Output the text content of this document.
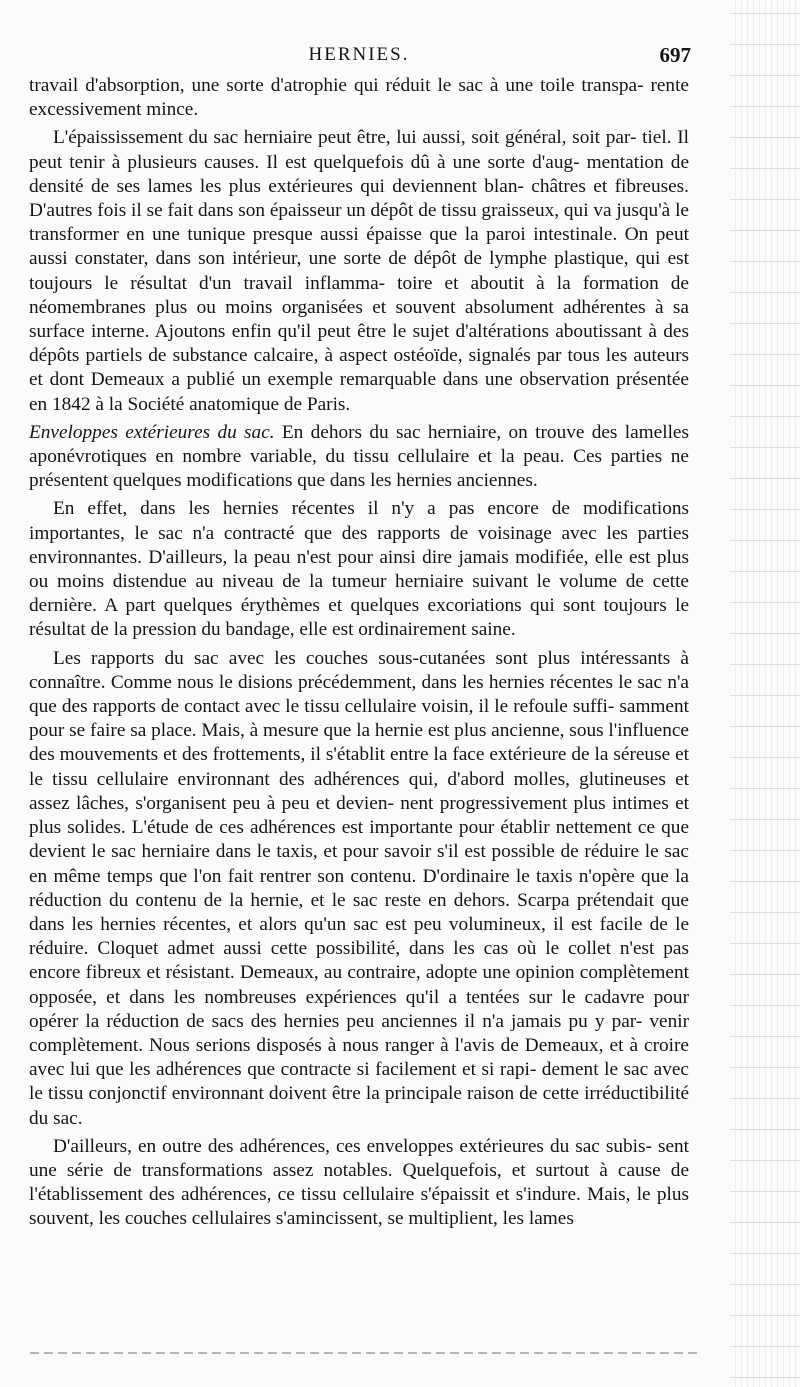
HERNIES.	697

travail d'absorption, une sorte d'atrophie qui réduit le sac à une toile transpa- rente excessivement mince.

L'épaississement du sac herniaire peut être, lui aussi, soit général, soit par- tiel. Il peut tenir à plusieurs causes. Il est quelquefois dû à une sorte d'aug- mentation de densité de ses lames les plus extérieures qui deviennent blan- châtres et fibreuses. D'autres fois il se fait dans son épaisseur un dépôt de tissu graisseux, qui va jusqu'à le transformer en une tunique presque aussi épaisse que la paroi intestinale. On peut aussi constater, dans son intérieur, une sorte de dépôt de lymphe plastique, qui est toujours le résultat d'un travail inflamma- toire et aboutit à la formation de néomembranes plus ou moins organisées et souvent absolument adhérentes à sa surface interne. Ajoutons enfin qu'il peut être le sujet d'altérations aboutissant à des dépôts partiels de substance calcaire, à aspect ostéoïde, signalés par tous les auteurs et dont Demeaux a publié un exemple remarquable dans une observation présentée en 1842 à la Société anatomique de Paris.

Enveloppes extérieures du sac. En dehors du sac herniaire, on trouve des lamelles aponévrotiques en nombre variable, du tissu cellulaire et la peau. Ces parties ne présentent quelques modifications que dans les hernies anciennes.

En effet, dans les hernies récentes il n'y a pas encore de modifications importantes, le sac n'a contracté que des rapports de voisinage avec les parties environnantes. D'ailleurs, la peau n'est pour ainsi dire jamais modifiée, elle est plus ou moins distendue au niveau de la tumeur herniaire suivant le volume de cette dernière. A part quelques érythèmes et quelques excoriations qui sont toujours le résultat de la pression du bandage, elle est ordinairement saine.

Les rapports du sac avec les couches sous-cutanées sont plus intéressants à connaître. Comme nous le disions précédemment, dans les hernies récentes le sac n'a que des rapports de contact avec le tissu cellulaire voisin, il le refoule suffi- samment pour se faire sa place. Mais, à mesure que la hernie est plus ancienne, sous l'influence des mouvements et des frottements, il s'établit entre la face extérieure de la séreuse et le tissu cellulaire environnant des adhérences qui, d'abord molles, glutineuses et assez lâches, s'organisent peu à peu et devien- nent progressivement plus intimes et plus solides. L'étude de ces adhérences est importante pour établir nettement ce que devient le sac herniaire dans le taxis, et pour savoir s'il est possible de réduire le sac en même temps que l'on fait rentrer son contenu. D'ordinaire le taxis n'opère que la réduction du contenu de la hernie, et le sac reste en dehors. Scarpa prétendait que dans les hernies récentes, et alors qu'un sac est peu volumineux, il est facile de le réduire. Cloquet admet aussi cette possibilité, dans les cas où le collet n'est pas encore fibreux et résistant. Demeaux, au contraire, adopte une opinion complètement opposée, et dans les nombreuses expériences qu'il a tentées sur le cadavre pour opérer la réduction de sacs des hernies peu anciennes il n'a jamais pu y par- venir complètement. Nous serions disposés à nous ranger à l'avis de Demeaux, et à croire avec lui que les adhérences que contracte si facilement et si rapi- dement le sac avec le tissu conjonctif environnant doivent être la principale raison de cette irréductibilité du sac.

D'ailleurs, en outre des adhérences, ces enveloppes extérieures du sac subis- sent une série de transformations assez notables. Quelquefois, et surtout à cause de l'établissement des adhérences, ce tissu cellulaire s'épaissit et s'indure. Mais, le plus souvent, les couches cellulaires s'amincissent, se multiplient, les lames
